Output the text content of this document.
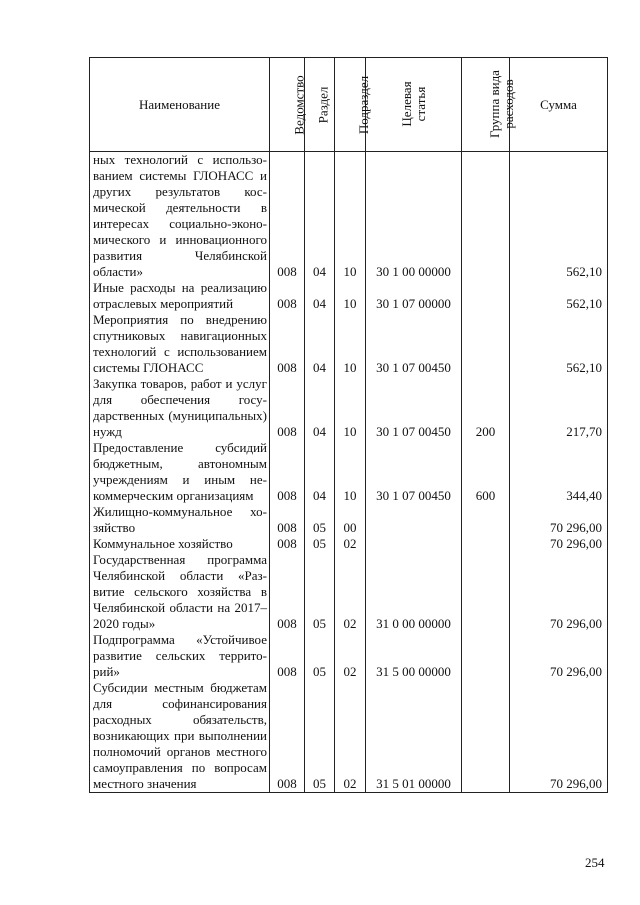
Наименование	Ведомство	Раздел	Подраздел	Целевая статья	Группа вида расходов	Сумма
ных технологий с использованием системы ГЛОНАСС и других результатов космической деятельности в интересах социально-экономического и инновационного развития Челябинской области»	008	04	10	30 1 00 00000		562,10
Иные расходы на реализацию отраслевых мероприятий	008	04	10	30 1 07 00000		562,10
Мероприятия по внедрению спутниковых навигационных технологий с использованием системы ГЛОНАСС	008	04	10	30 1 07 00450		562,10
Закупка товаров, работ и услуг для обеспечения государственных (муниципальных) нужд	008	04	10	30 1 07 00450	200	217,70
Предоставление субсидий бюджетным, автономным учреждениям и иным некоммерческим организациям	008	04	10	30 1 07 00450	600	344,40
Жилищно-коммунальное хозяйство	008	05	00			70 296,00
Коммунальное хозяйство	008	05	02			70 296,00
Государственная программа Челябинской области «Развитие сельского хозяйства в Челябинской области на 2017–2020 годы»	008	05	02	31 0 00 00000		70 296,00
Подпрограмма «Устойчивое развитие сельских территорий»	008	05	02	31 5 00 00000		70 296,00
Субсидии местным бюджетам для софинансирования расходных обязательств, возникающих при выполнении полномочий органов местного самоуправления по вопросам местного значения	008	05	02	31 5 01 00000		70 296,00
254
